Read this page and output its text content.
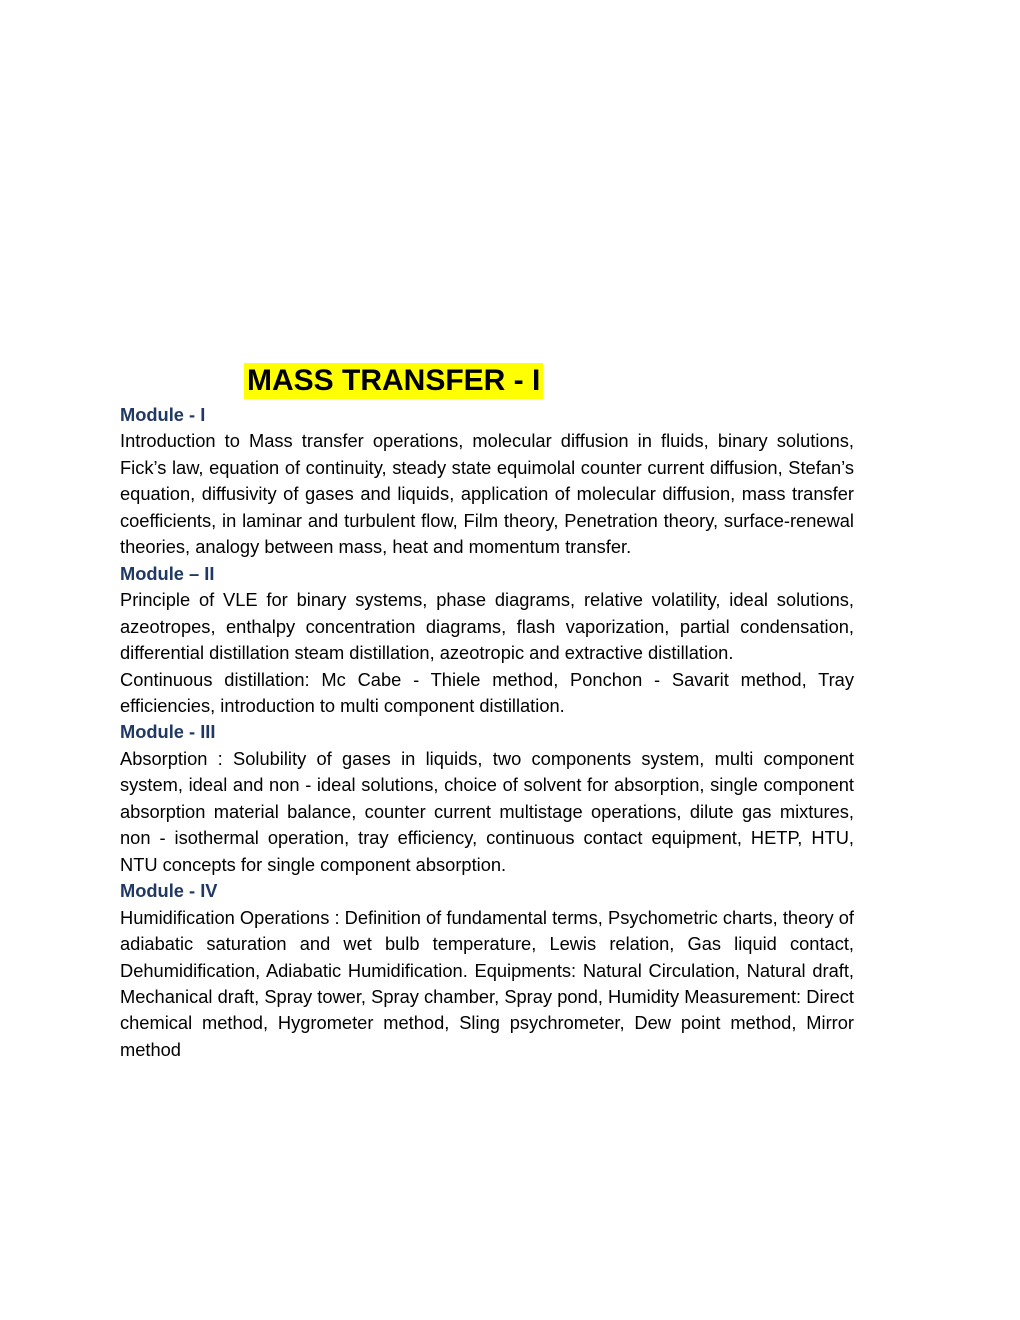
MASS TRANSFER - I

Module - I

Introduction to Mass transfer operations, molecular diffusion in fluids, binary solutions, Fick’s law, equation of continuity, steady state equimolal counter current diffusion, Stefan’s equation, diffusivity of gases and liquids, application of molecular diffusion, mass transfer coefficients, in laminar and turbulent flow, Film theory, Penetration theory, surface-renewal theories, analogy between mass, heat and momentum transfer.

Module – II

Principle of VLE for binary systems, phase diagrams, relative volatility, ideal solutions, azeotropes, enthalpy concentration diagrams, flash vaporization, partial condensation, differential distillation steam distillation, azeotropic and extractive distillation.

Continuous distillation: Mc Cabe - Thiele method, Ponchon - Savarit method, Tray efficiencies, introduction to multi component distillation.

Module - III

Absorption : Solubility of gases in liquids, two components system, multi component system, ideal and non - ideal solutions, choice of solvent for absorption, single component absorption material balance, counter current multistage operations, dilute gas mixtures, non - isothermal operation, tray efficiency, continuous contact equipment, HETP, HTU, NTU concepts for single component absorption.

Module - IV

Humidification Operations : Definition of fundamental terms, Psychometric charts, theory of adiabatic saturation and wet bulb temperature, Lewis relation, Gas liquid contact, Dehumidification, Adiabatic Humidification. Equipments: Natural Circulation, Natural draft, Mechanical draft, Spray tower, Spray chamber, Spray pond, Humidity Measurement: Direct chemical method, Hygrometer method, Sling psychrometer, Dew point method, Mirror method
